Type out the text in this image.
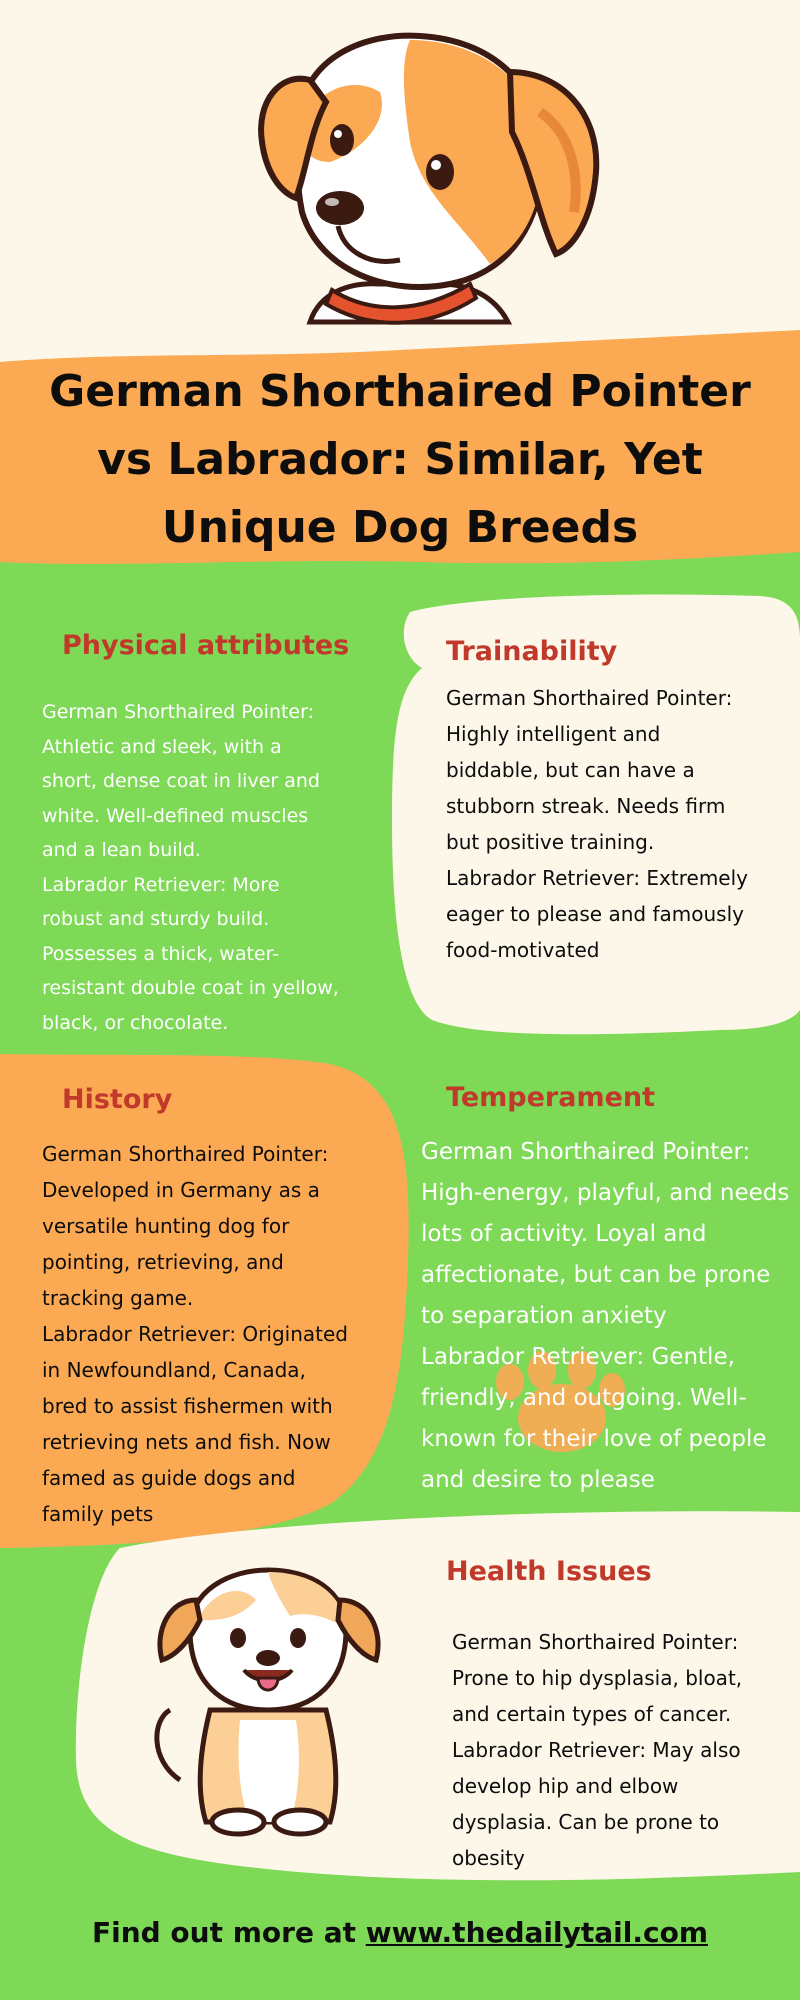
German Shorthaired Pointer vs Labrador: Similar, Yet Unique Dog Breeds
Physical attributes
German Shorthaired Pointer: Athletic and sleek, with a short, dense coat in liver and white. Well-defined muscles and a lean build.
Labrador Retriever: More robust and sturdy build. Possesses a thick, water-resistant double coat in yellow, black, or chocolate.
Trainability
German Shorthaired Pointer: Highly intelligent and biddable, but can have a stubborn streak. Needs firm but positive training.
Labrador Retriever: Extremely eager to please and famously food-motivated
History
German Shorthaired Pointer: Developed in Germany as a versatile hunting dog for pointing, retrieving, and tracking game.
Labrador Retriever: Originated in Newfoundland, Canada, bred to assist fishermen with retrieving nets and fish. Now famed as guide dogs and family pets
Temperament
German Shorthaired Pointer: High-energy, playful, and needs lots of activity. Loyal and affectionate, but can be prone to separation anxiety
Labrador Retriever: Gentle, friendly, and outgoing. Well-known for their love of people and desire to please
Health Issues
German Shorthaired Pointer: Prone to hip dysplasia, bloat, and certain types of cancer.
Labrador Retriever: May also develop hip and elbow dysplasia. Can be prone to obesity
Find out more at www.thedailytail.com
